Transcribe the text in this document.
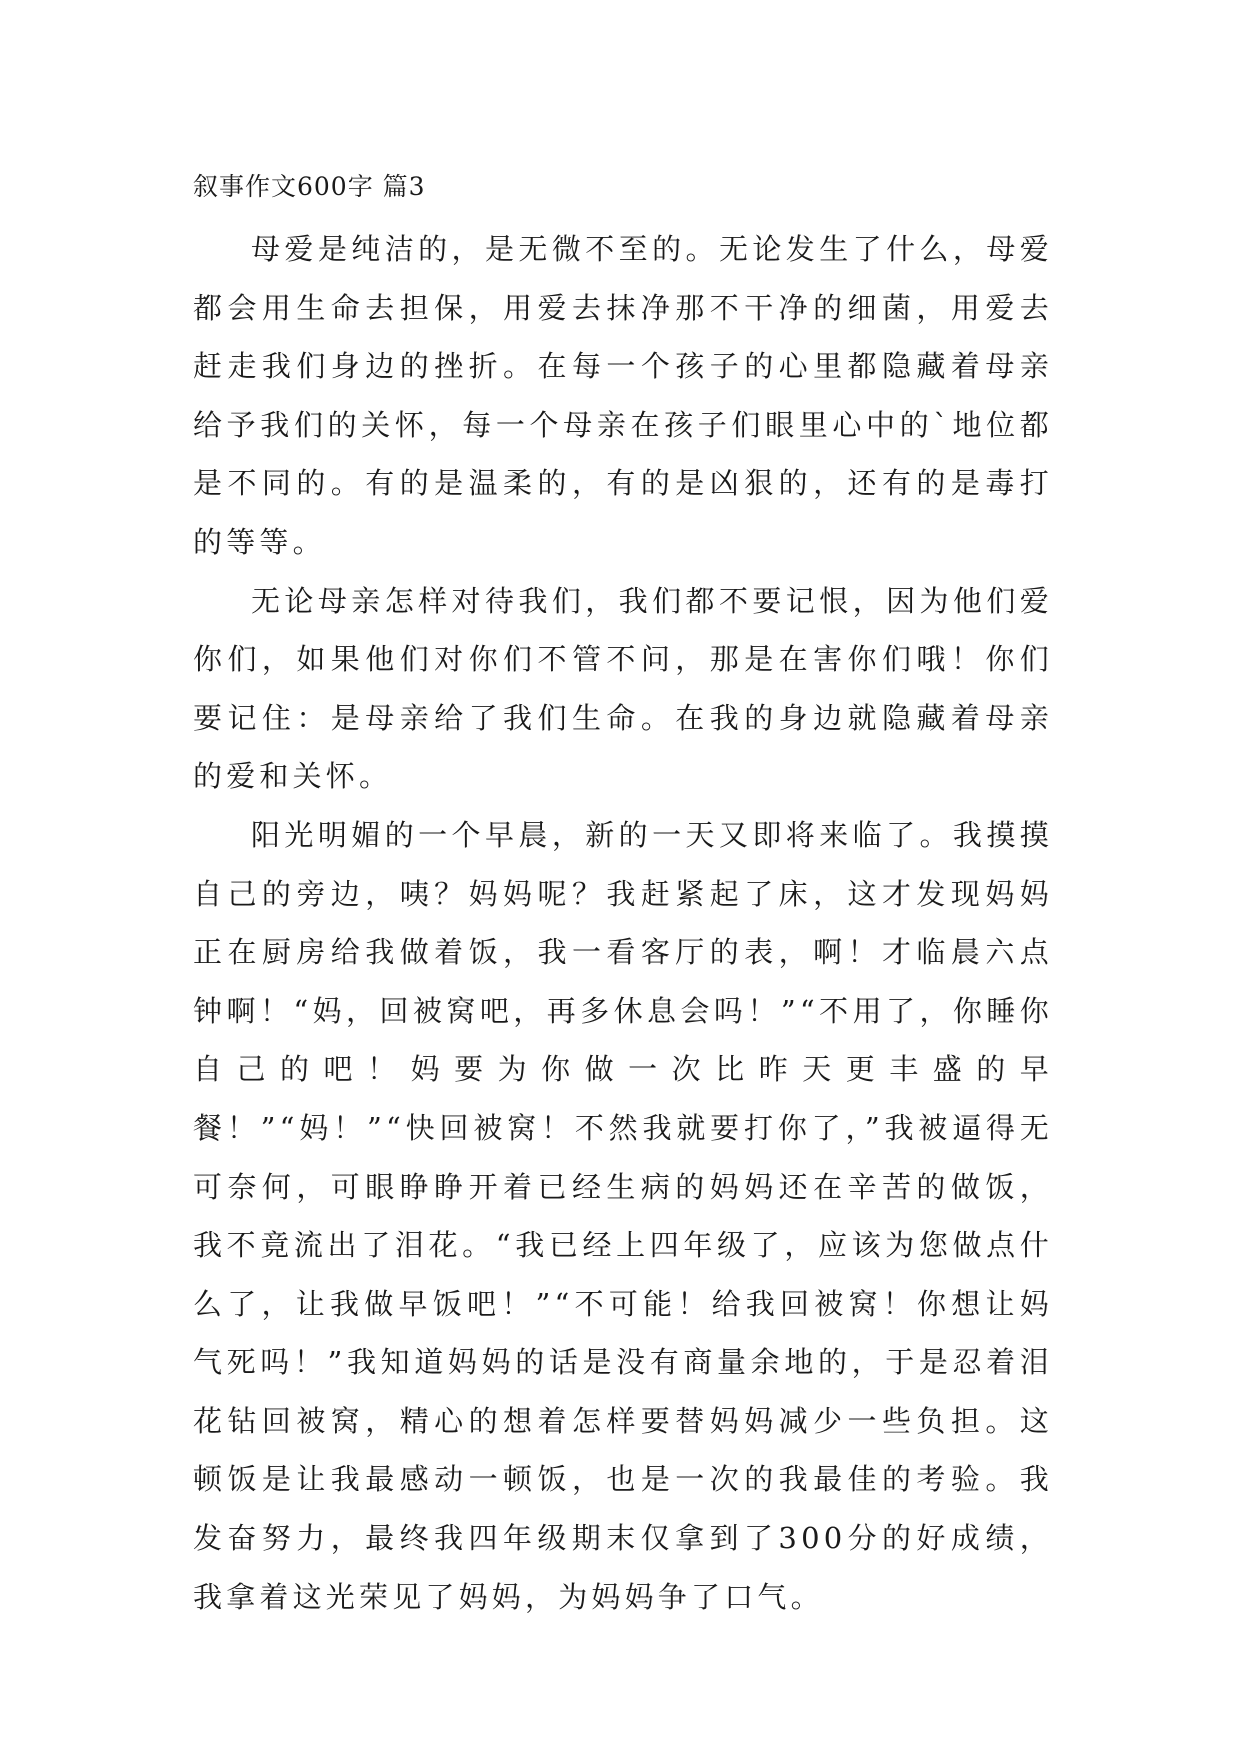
叙事作文600字 篇3

母爱是纯洁的，是无微不至的。无论发生了什么，母爱都会用生命去担保，用爱去抹净那不干净的细菌，用爱去赶走我们身边的挫折。在每一个孩子的心里都隐藏着母亲给予我们的关怀，每一个母亲在孩子们眼里心中的`地位都是不同的。有的是温柔的，有的是凶狠的，还有的是毒打的等等。

无论母亲怎样对待我们，我们都不要记恨，因为他们爱你们，如果他们对你们不管不问，那是在害你们哦！你们要记住：是母亲给了我们生命。在我的身边就隐藏着母亲的爱和关怀。

阳光明媚的一个早晨，新的一天又即将来临了。我摸摸自己的旁边，咦？妈妈呢？我赶紧起了床，这才发现妈妈正在厨房给我做着饭，我一看客厅的表，啊！才临晨六点钟啊！“妈，回被窝吧，再多休息会吗！”“不用了，你睡你自己的吧！妈要为你做一次比昨天更丰盛的早餐！”“妈！”“快回被窝！不然我就要打你了，”我被逼得无可奈何，可眼睁睁开着已经生病的妈妈还在辛苦的做饭，我不竟流出了泪花。“我已经上四年级了，应该为您做点什么了，让我做早饭吧！”“不可能！给我回被窝！你想让妈气死吗！”我知道妈妈的话是没有商量余地的，于是忍着泪花钻回被窝，精心的想着怎样要替妈妈减少一些负担。这顿饭是让我最感动一顿饭，也是一次的我最佳的考验。我发奋努力，最终我四年级期末仅拿到了300分的好成绩，我拿着这光荣见了妈妈，为妈妈争了口气。
